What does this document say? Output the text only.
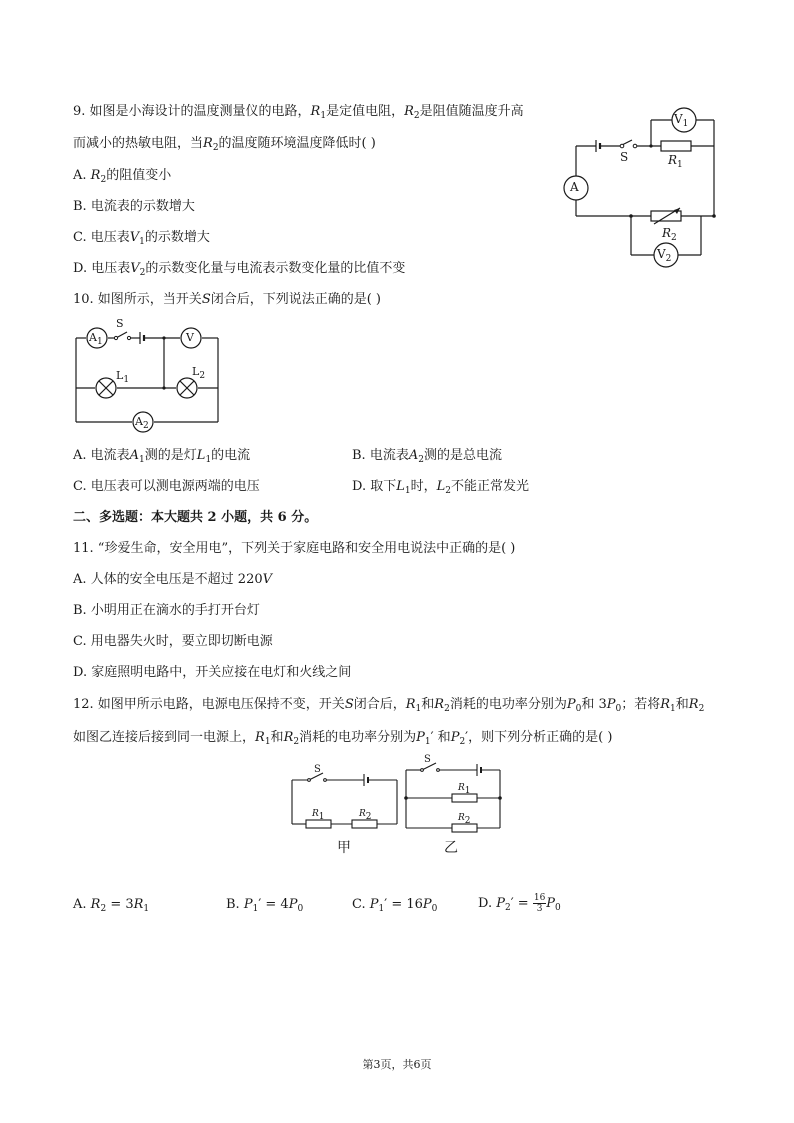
9. 如图是小海设计的温度测量仪的电路，$R_1$是定值电阻，$R_2$是阻值随温度升高
而减小的热敏电阻，当$R_2$的温度随环境温度降低时( )
A. $R_2$的阻值变小
B. 电流表的示数增大
C. 电压表$V_1$的示数增大
D. 电压表$V_2$的示数变化量与电流表示数变化量的比值不变
A
$V_1$
$V_2$
S	$R_1$
$R_2$
10. 如图所示，当开关S闭合后，下列说法正确的是( )
$A_1$
S
V
$L_1$
$L_2$
$A_2$
A. 电流表$A_1$测的是灯$L_1$的电流	B. 电流表$A_2$测的是总电流
C. 电压表可以测电源两端的电压	D. 取下$L_1$时，$L_2$不能正常发光
二、多选题：本大题共 2 小题，共 6 分。
11. “珍爱生命，安全用电”，下列关于家庭电路和安全用电说法中正确的是( )
A. 人体的安全电压是不超过 220V
B. 小明用正在滴水的手打开台灯
C. 用电器失火时，要立即切断电源
D. 家庭照明电路中，开关应接在电灯和火线之间
12. 如图甲所示电路，电源电压保持不变，开关S闭合后，$R_1$和$R_2$消耗的电功率分别为$P_0$和 $3P_0$；若将$R_1$和$R_2$
如图乙连接后接到同一电源上，$R_1$和$R_2$消耗的电功率分别为$P_1'$ 和$P_2'$，则下列分析正确的是( )
S
R1	R2
甲
S
R1
R2
乙
A. $R_2 = 3R_1$	B. $P_1' = 4P_0$	C. $P_1' = 16P_0$	D. $P_2' = \frac{16}{3} P_0$
第3页，共6页
